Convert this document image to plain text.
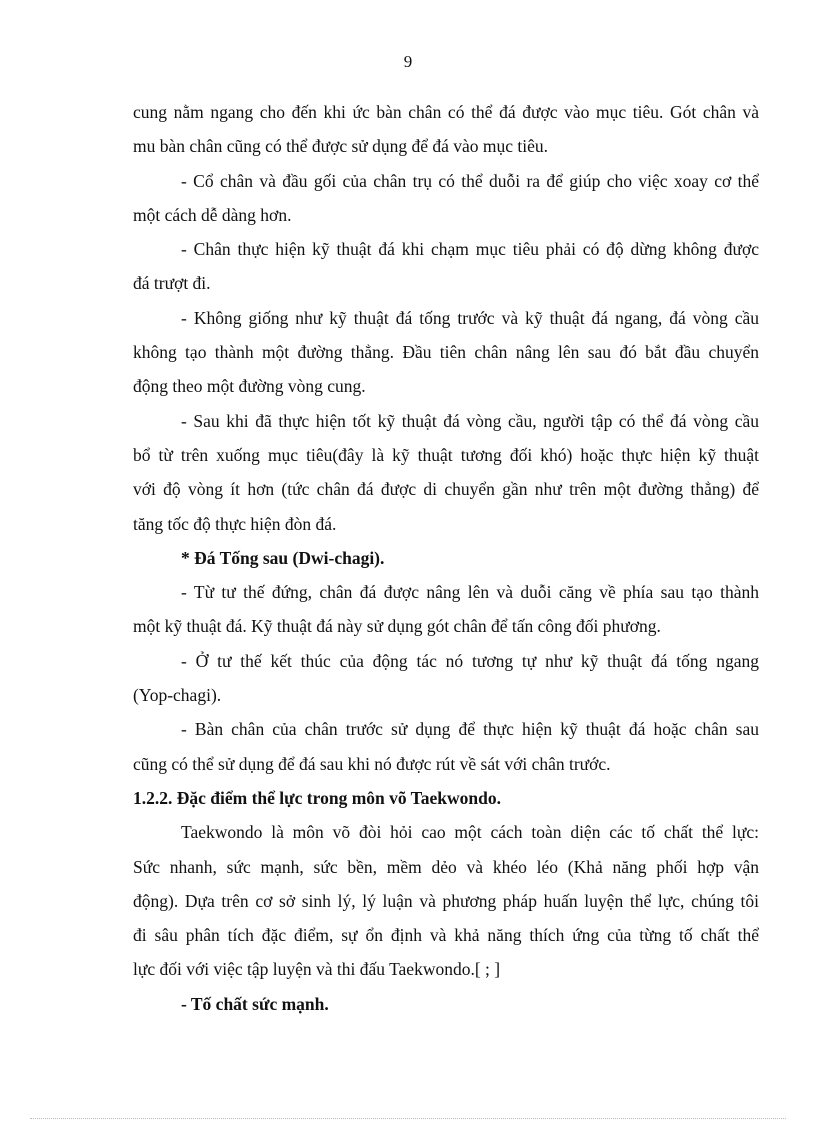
9
cung nằm ngang cho đến khi ức bàn chân có thể đá được vào mục tiêu. Gót chân và
mu bàn chân cũng có thể được sử dụng để đá vào mục tiêu.
- Cổ chân và đầu gối của chân trụ có thể duỗi ra để giúp cho việc xoay cơ thể
một cách dễ dàng hơn.
- Chân thực hiện kỹ thuật đá khi chạm mục tiêu phải có độ dừng không được
đá trượt đi.
- Không giống như kỹ thuật đá tống trước và kỹ thuật đá ngang, đá vòng cầu
không tạo thành một đường thẳng. Đầu tiên chân nâng lên sau đó bắt đầu chuyển
động theo một đường vòng cung.
- Sau khi đã thực hiện tốt kỹ thuật đá vòng cầu, người tập có thể đá vòng cầu
bổ từ trên xuống mục tiêu(đây là kỹ thuật tương đối khó) hoặc thực hiện kỹ thuật
với độ vòng ít hơn (tức chân đá được di chuyển gần như trên một đường thẳng) để
tăng tốc độ thực hiện đòn đá.
* Đá Tống sau (Dwi-chagi).
- Từ tư thế đứng, chân đá được nâng lên và duỗi căng về phía sau tạo thành
một kỹ thuật đá. Kỹ thuật đá này sử dụng gót chân để tấn công đối phương.
- Ở tư thế kết thúc của động tác nó tương tự như kỹ thuật đá tống ngang
(Yop-chagi).
- Bàn chân của chân trước sử dụng để thực hiện kỹ thuật đá hoặc chân sau
cũng có thể sử dụng để đá sau khi nó được rút về sát với chân trước.
1.2.2. Đặc điểm thể lực trong môn võ Taekwondo.
Taekwondo là môn võ đòi hỏi cao một cách toàn diện các tố chất thể lực:
Sức nhanh, sức mạnh, sức bền, mềm dẻo và khéo léo (Khả năng phối hợp vận
động). Dựa trên cơ sở sinh lý, lý luận và phương pháp huấn luyện thể lực, chúng tôi
đi sâu phân tích đặc điểm, sự ổn định và khả năng thích ứng của từng tố chất thể
lực đối với việc tập luyện và thi đấu Taekwondo.[ ; ]
- Tố chất sức mạnh.
